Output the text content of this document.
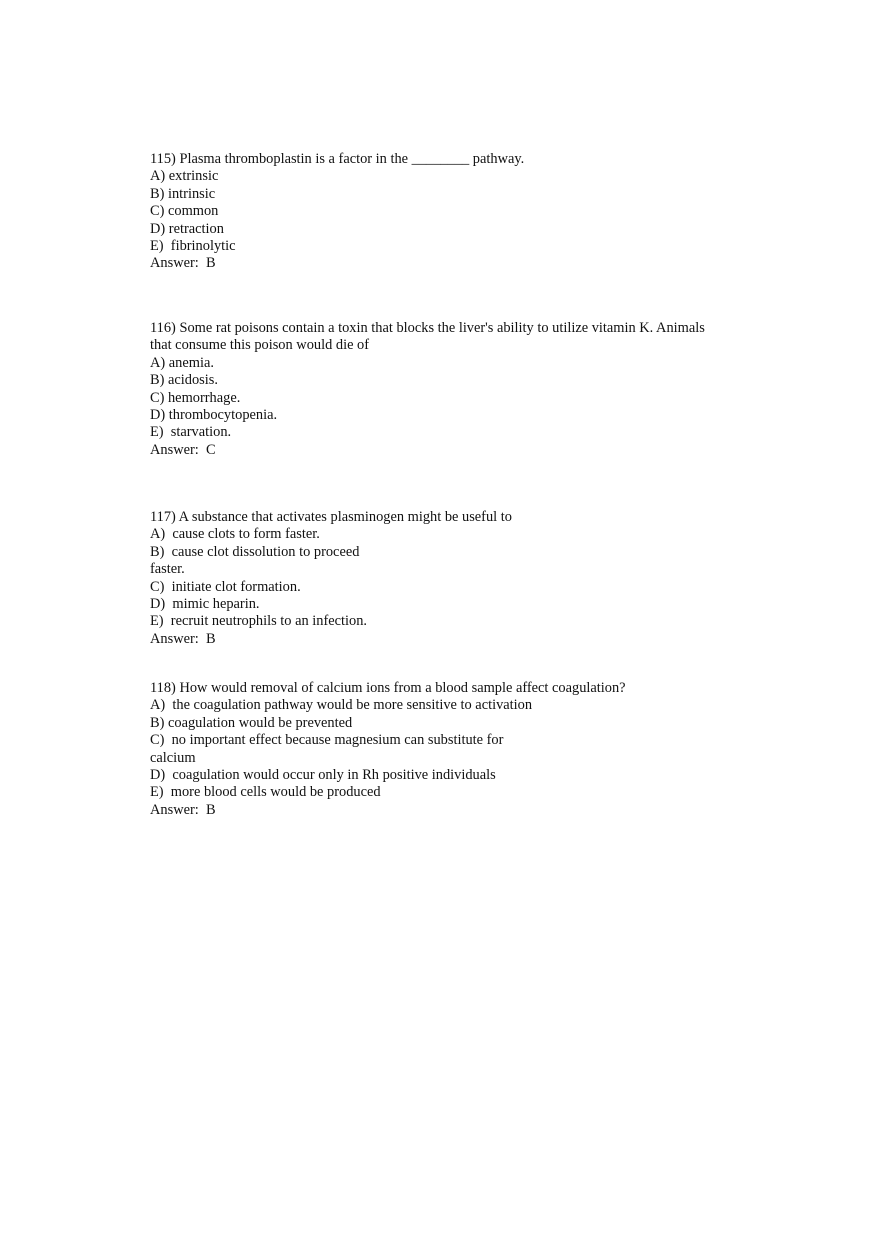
115) Plasma thromboplastin is a factor in the ________ pathway.
A) extrinsic
B) intrinsic
C) common
D) retraction
E)  fibrinolytic
Answer:  B
116) Some rat poisons contain a toxin that blocks the liver's ability to utilize vitamin K. Animals
that consume this poison would die of
A) anemia.
B) acidosis.
C) hemorrhage.
D) thrombocytopenia.
E)  starvation.
Answer:  C
117) A substance that activates plasminogen might be useful to
A)  cause clots to form faster.
B)  cause clot dissolution to proceed
faster.
C)  initiate clot formation.
D)  mimic heparin.
E)  recruit neutrophils to an infection.
Answer:  B
118) How would removal of calcium ions from a blood sample affect coagulation?
A)  the coagulation pathway would be more sensitive to activation
B) coagulation would be prevented
C)  no important effect because magnesium can substitute for
calcium
D)  coagulation would occur only in Rh positive individuals
E)  more blood cells would be produced
Answer:  B
